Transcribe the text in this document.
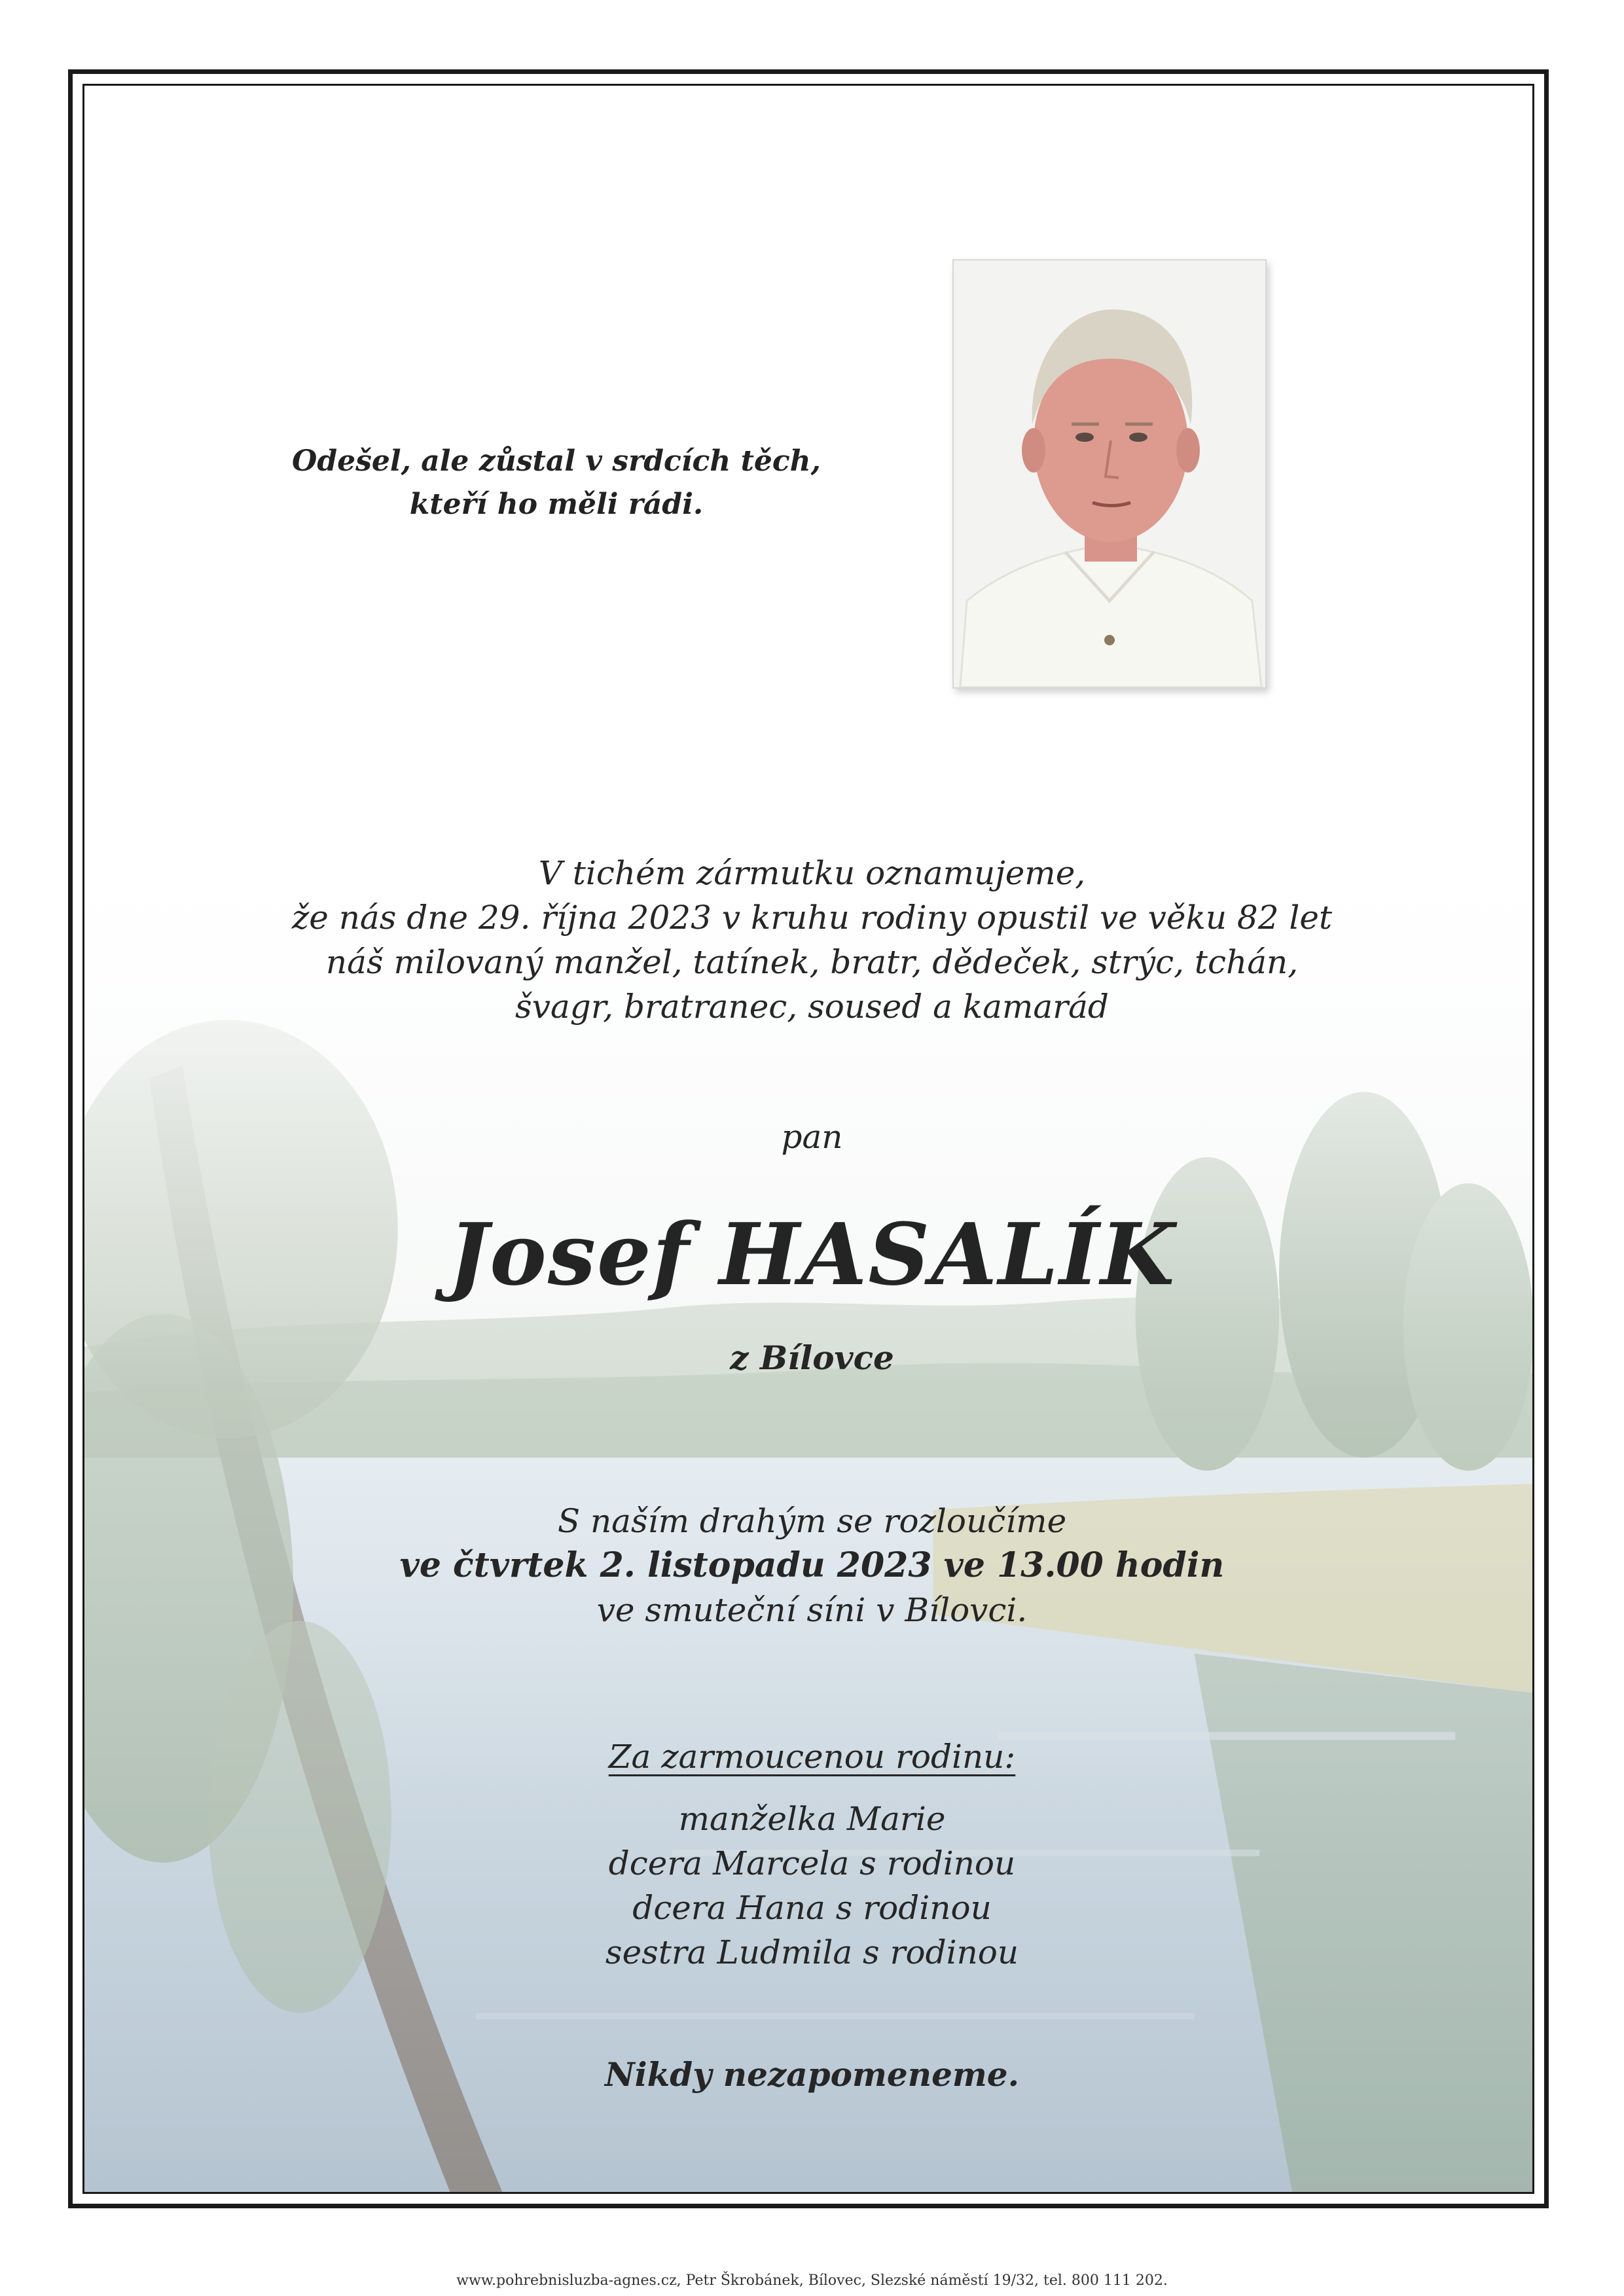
Odešel, ale zůstal v srdcích těch,
kteří ho měli rádi.
V tichém zármutku oznamujeme,
že nás dne 29. října 2023 v kruhu rodiny opustil ve věku 82 let
náš milovaný manžel, tatínek, bratr, dědeček, strýc, tchán,
švagr, bratranec, soused a kamarád
pan
Josef HASALÍK
z Bílovce
S naším drahým se rozloučíme
ve čtvrtek 2. listopadu 2023 ve 13.00 hodin
ve smuteční síni v Bílovci.
Za zarmoucenou rodinu:
manželka Marie
dcera Marcela s rodinou
dcera Hana s rodinou
sestra Ludmila s rodinou
Nikdy nezapomeneme.
www.pohrebnisluzba-agnes.cz, Petr Škrobánek, Bílovec, Slezské náměstí 19/32, tel. 800 111 202.
